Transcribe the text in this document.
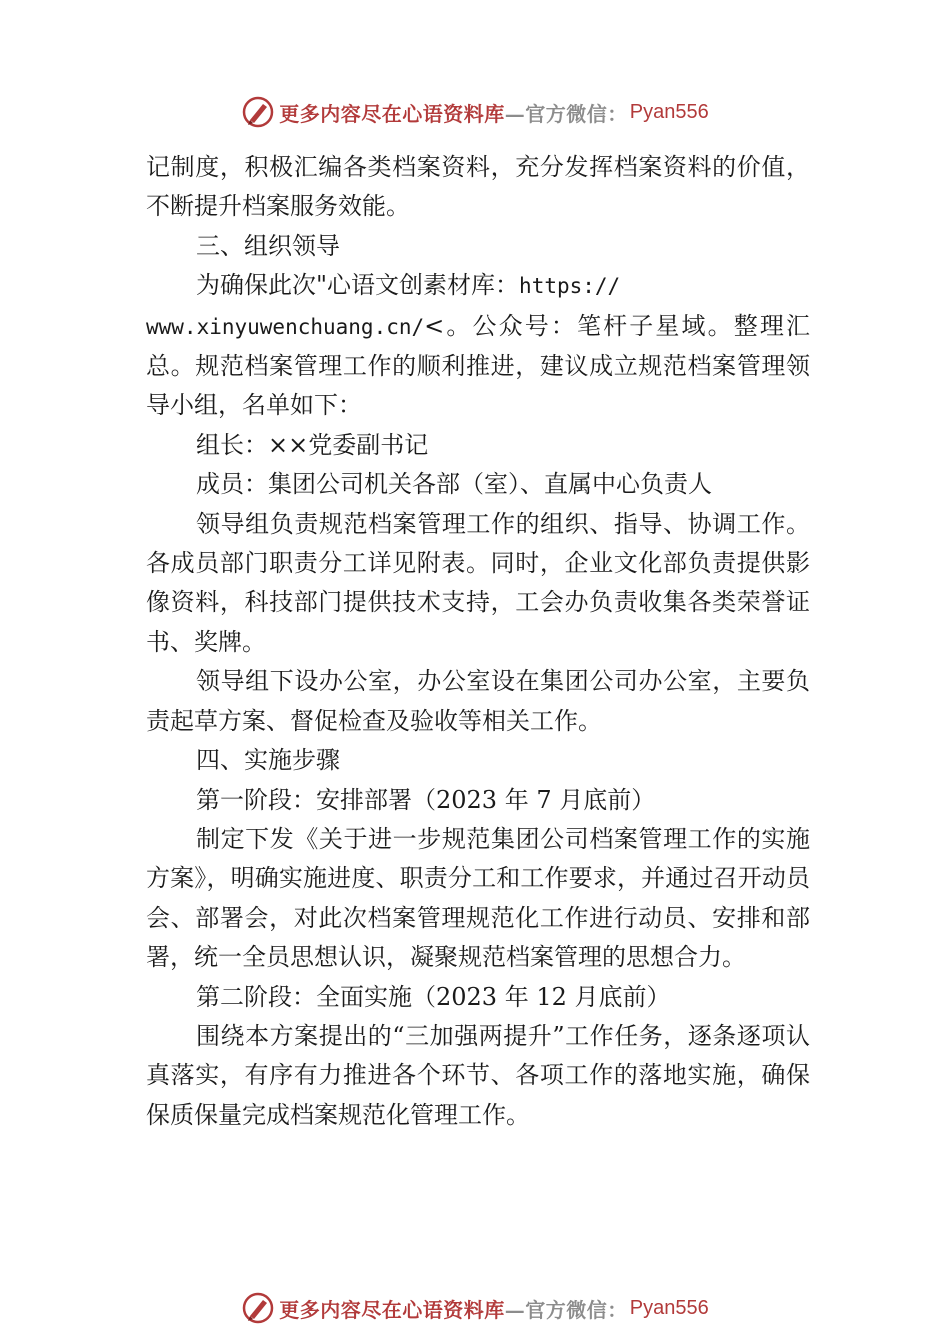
更多内容尽在心语资料库 —官方微信： Pyan556

记制度，积极汇编各类档案资料，充分发挥档案资料的价值，不断提升档案服务效能。

三、组织领导

为确保此次"心语文创素材库：https://
www.xinyuwenchuang.cn/<。公众号：笔杆子星域。整理汇总。规范档案管理工作的顺利推进，建议成立规范档案管理领导小组，名单如下：

组长：××党委副书记

成员：集团公司机关各部（室）、直属中心负责人

领导组负责规范档案管理工作的组织、指导、协调工作。各成员部门职责分工详见附表。同时，企业文化部负责提供影像资料，科技部门提供技术支持，工会办负责收集各类荣誉证书、奖牌。

领导组下设办公室，办公室设在集团公司办公室，主要负责起草方案、督促检查及验收等相关工作。

四、实施步骤

第一阶段：安排部署（2023 年 7 月底前）

制定下发《关于进一步规范集团公司档案管理工作的实施方案》，明确实施进度、职责分工和工作要求，并通过召开动员会、部署会，对此次档案管理规范化工作进行动员、安排和部署，统一全员思想认识，凝聚规范档案管理的思想合力。

第二阶段：全面实施（2023 年 12 月底前）

围绕本方案提出的“三加强两提升”工作任务，逐条逐项认真落实，有序有力推进各个环节、各项工作的落地实施，确保保质保量完成档案规范化管理工作。

更多内容尽在心语资料库 —官方微信： Pyan556
